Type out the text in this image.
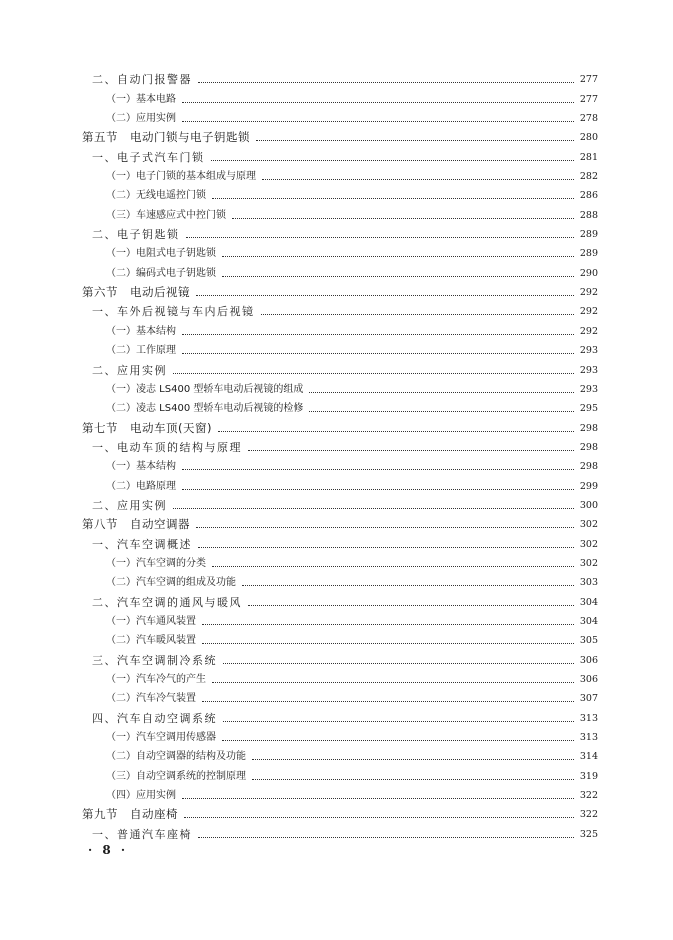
二、自动门报警器	277
（一）基本电路	277
（二）应用实例	278
第五节　电动门锁与电子钥匙锁	280
一、电子式汽车门锁	281
（一）电子门锁的基本组成与原理	282
（二）无线电遥控门锁	286
（三）车速感应式中控门锁	288
二、电子钥匙锁	289
（一）电阻式电子钥匙锁	289
（二）编码式电子钥匙锁	290
第六节　电动后视镜	292
一、车外后视镜与车内后视镜	292
（一）基本结构	292
（二）工作原理	293
二、应用实例	293
（一）凌志 LS400 型轿车电动后视镜的组成	293
（二）凌志 LS400 型轿车电动后视镜的检修	295
第七节　电动车顶(天窗)	298
一、电动车顶的结构与原理	298
（一）基本结构	298
（二）电路原理	299
二、应用实例	300
第八节　自动空调器	302
一、汽车空调概述	302
（一）汽车空调的分类	302
（二）汽车空调的组成及功能	303
二、汽车空调的通风与暖风	304
（一）汽车通风装置	304
（二）汽车暖风装置	305
三、汽车空调制冷系统	306
（一）汽车冷气的产生	306
（二）汽车冷气装置	307
四、汽车自动空调系统	313
（一）汽车空调用传感器	313
（二）自动空调器的结构及功能	314
（三）自动空调系统的控制原理	319
（四）应用实例	322
第九节　自动座椅	322
一、普通汽车座椅	325
· 8 ·
